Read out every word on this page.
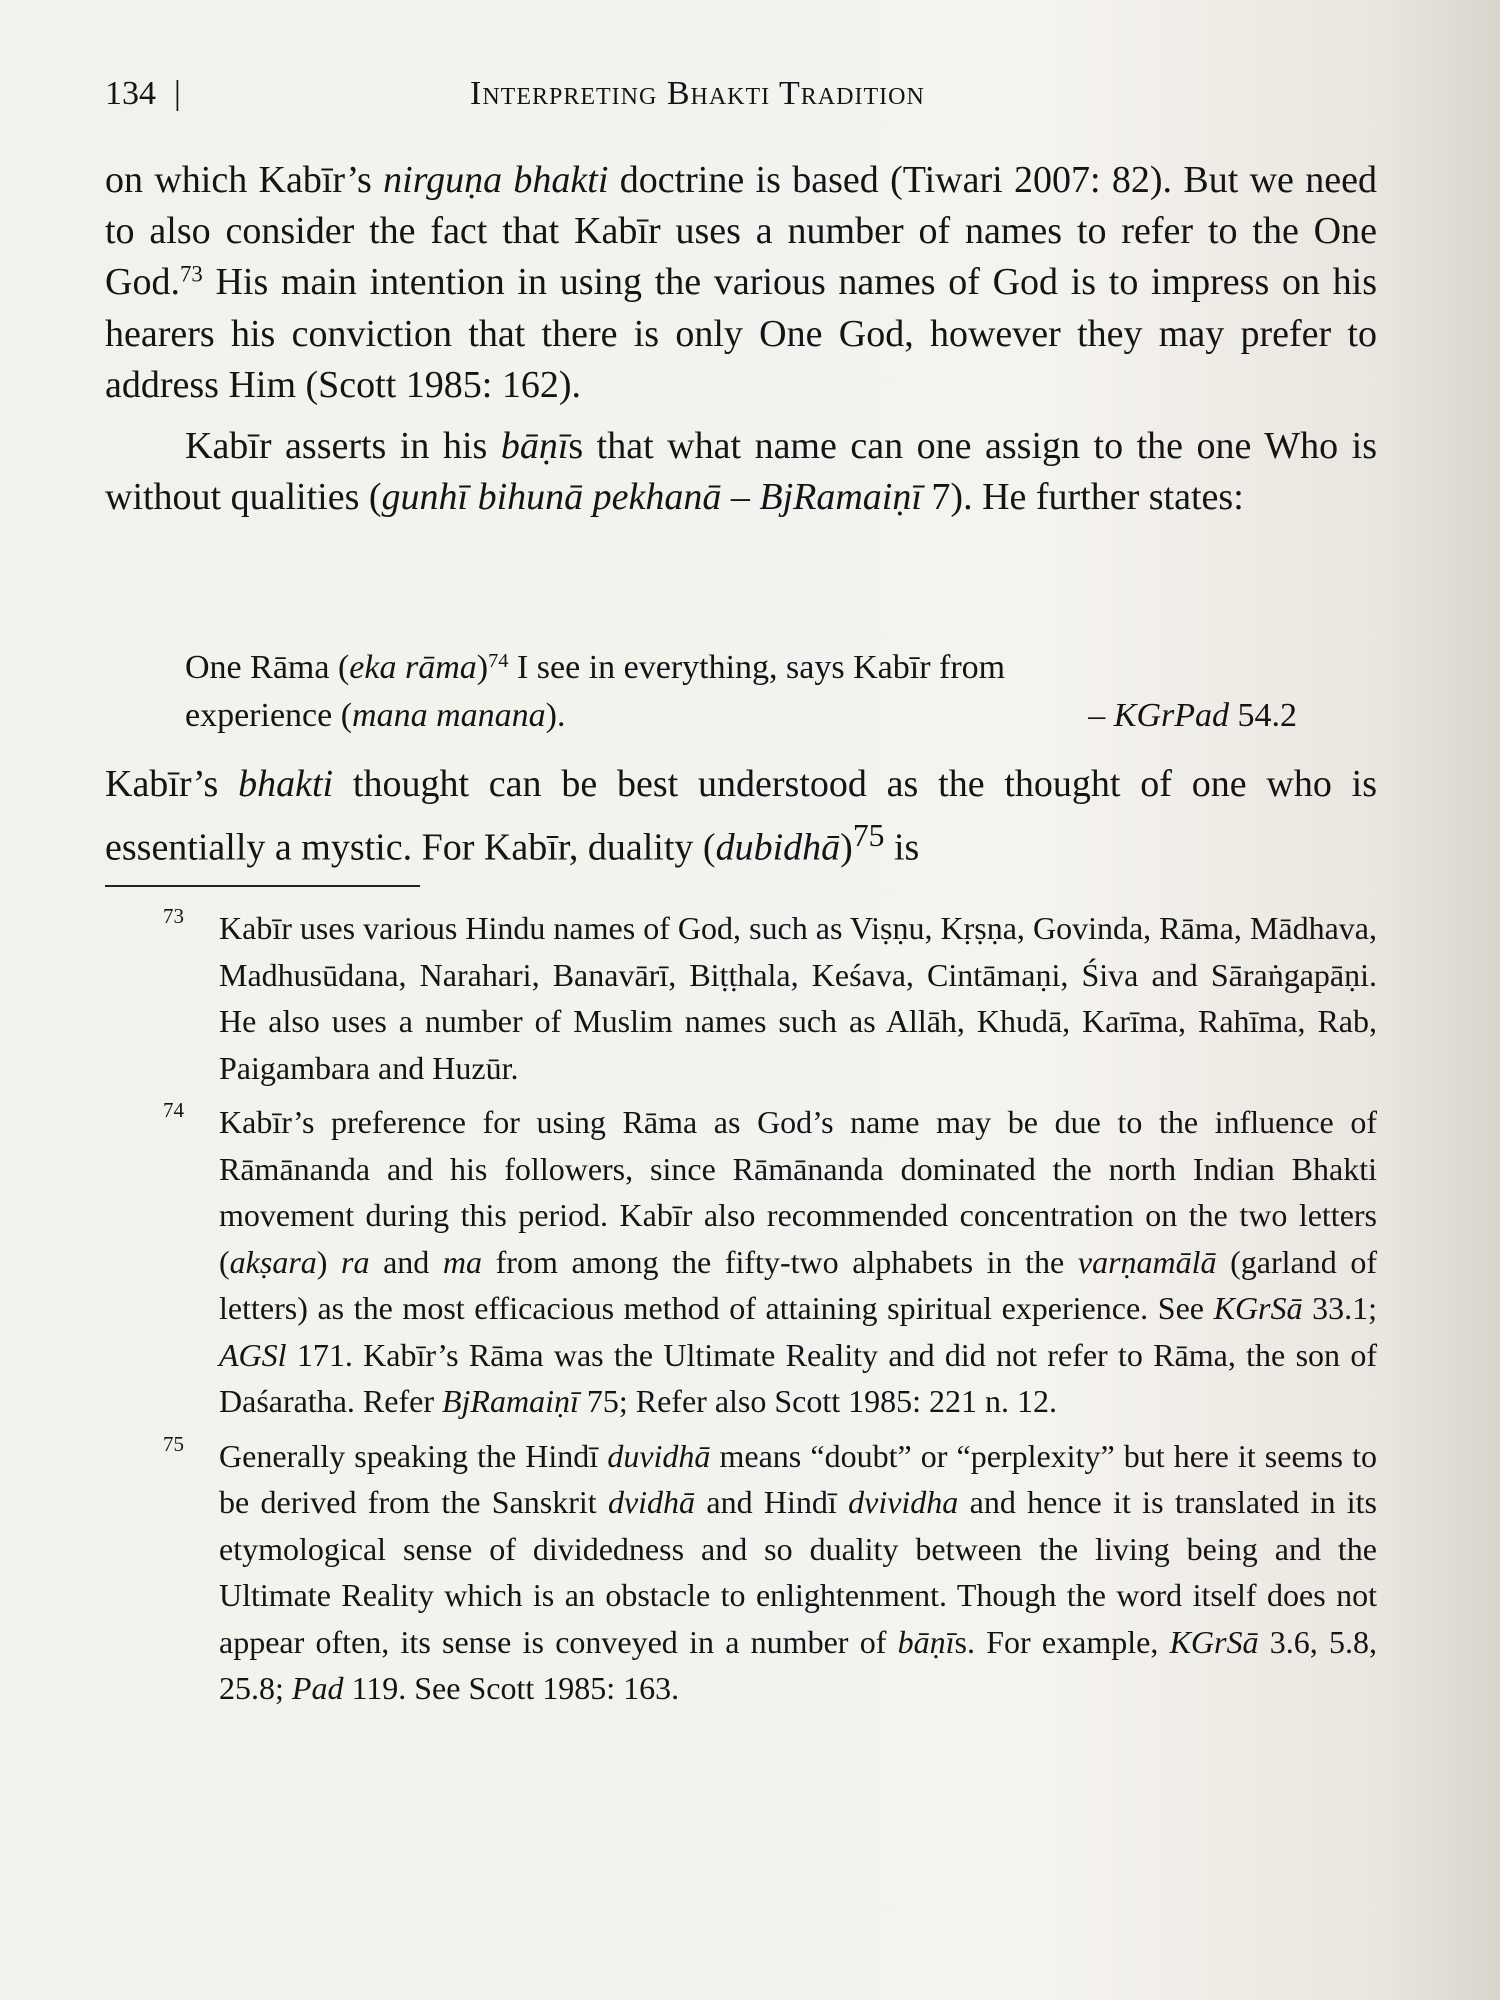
134 |	Interpreting Bhakti Tradition

on which Kabīr’s nirguṇa bhakti doctrine is based (Tiwari 2007: 82). But we need to also consider the fact that Kabīr uses a number of names to refer to the One God.$^{73}$ His main intention in using the various names of God is to impress on his hearers his conviction that there is only One God, however they may prefer to address Him (Scott 1985: 162).

Kabīr asserts in his bāṇīs that what name can one assign to the one Who is without qualities (gunhī bihunā pekhanā – BjRamaiṇī 7). He further states:

One Rāma (eka rāma)$^{74}$ I see in everything, says Kabīr from
experience (mana manana).	– KGrPad 54.2

Kabīr’s bhakti thought can be best understood as the thought of one who is essentially a mystic. For Kabīr, duality (dubidhā)$^{75}$ is

73 Kabīr uses various Hindu names of God, such as Viṣṇu, Kṛṣṇa, Govinda, Rāma, Mādhava, Madhusūdana, Narahari, Banavārī, Biṭṭhala, Keśava, Cintāmaṇi, Śiva and Sāraṅgapāṇi. He also uses a number of Muslim names such as Allāh, Khudā, Karīma, Rahīma, Rab, Paigambara and Huzūr.

74 Kabīr’s preference for using Rāma as God’s name may be due to the influence of Rāmānanda and his followers, since Rāmānanda dominated the north Indian Bhakti movement during this period. Kabīr also recommended concentration on the two letters (akṣara) ra and ma from among the fifty-two alphabets in the varṇamālā (garland of letters) as the most efficacious method of attaining spiritual experience. See KGrSā 33.1; AGSl 171. Kabīr’s Rāma was the Ultimate Reality and did not refer to Rāma, the son of Daśaratha. Refer BjRamaiṇī 75; Refer also Scott 1985: 221 n. 12.

75 Generally speaking the Hindī duvidhā means “doubt” or “perplexity” but here it seems to be derived from the Sanskrit dvidhā and Hindī dvividha and hence it is translated in its etymological sense of dividedness and so duality between the living being and the Ultimate Reality which is an obstacle to enlightenment. Though the word itself does not appear often, its sense is conveyed in a number of bāṇīs. For example, KGrSā 3.6, 5.8, 25.8; Pad 119. See Scott 1985: 163.
